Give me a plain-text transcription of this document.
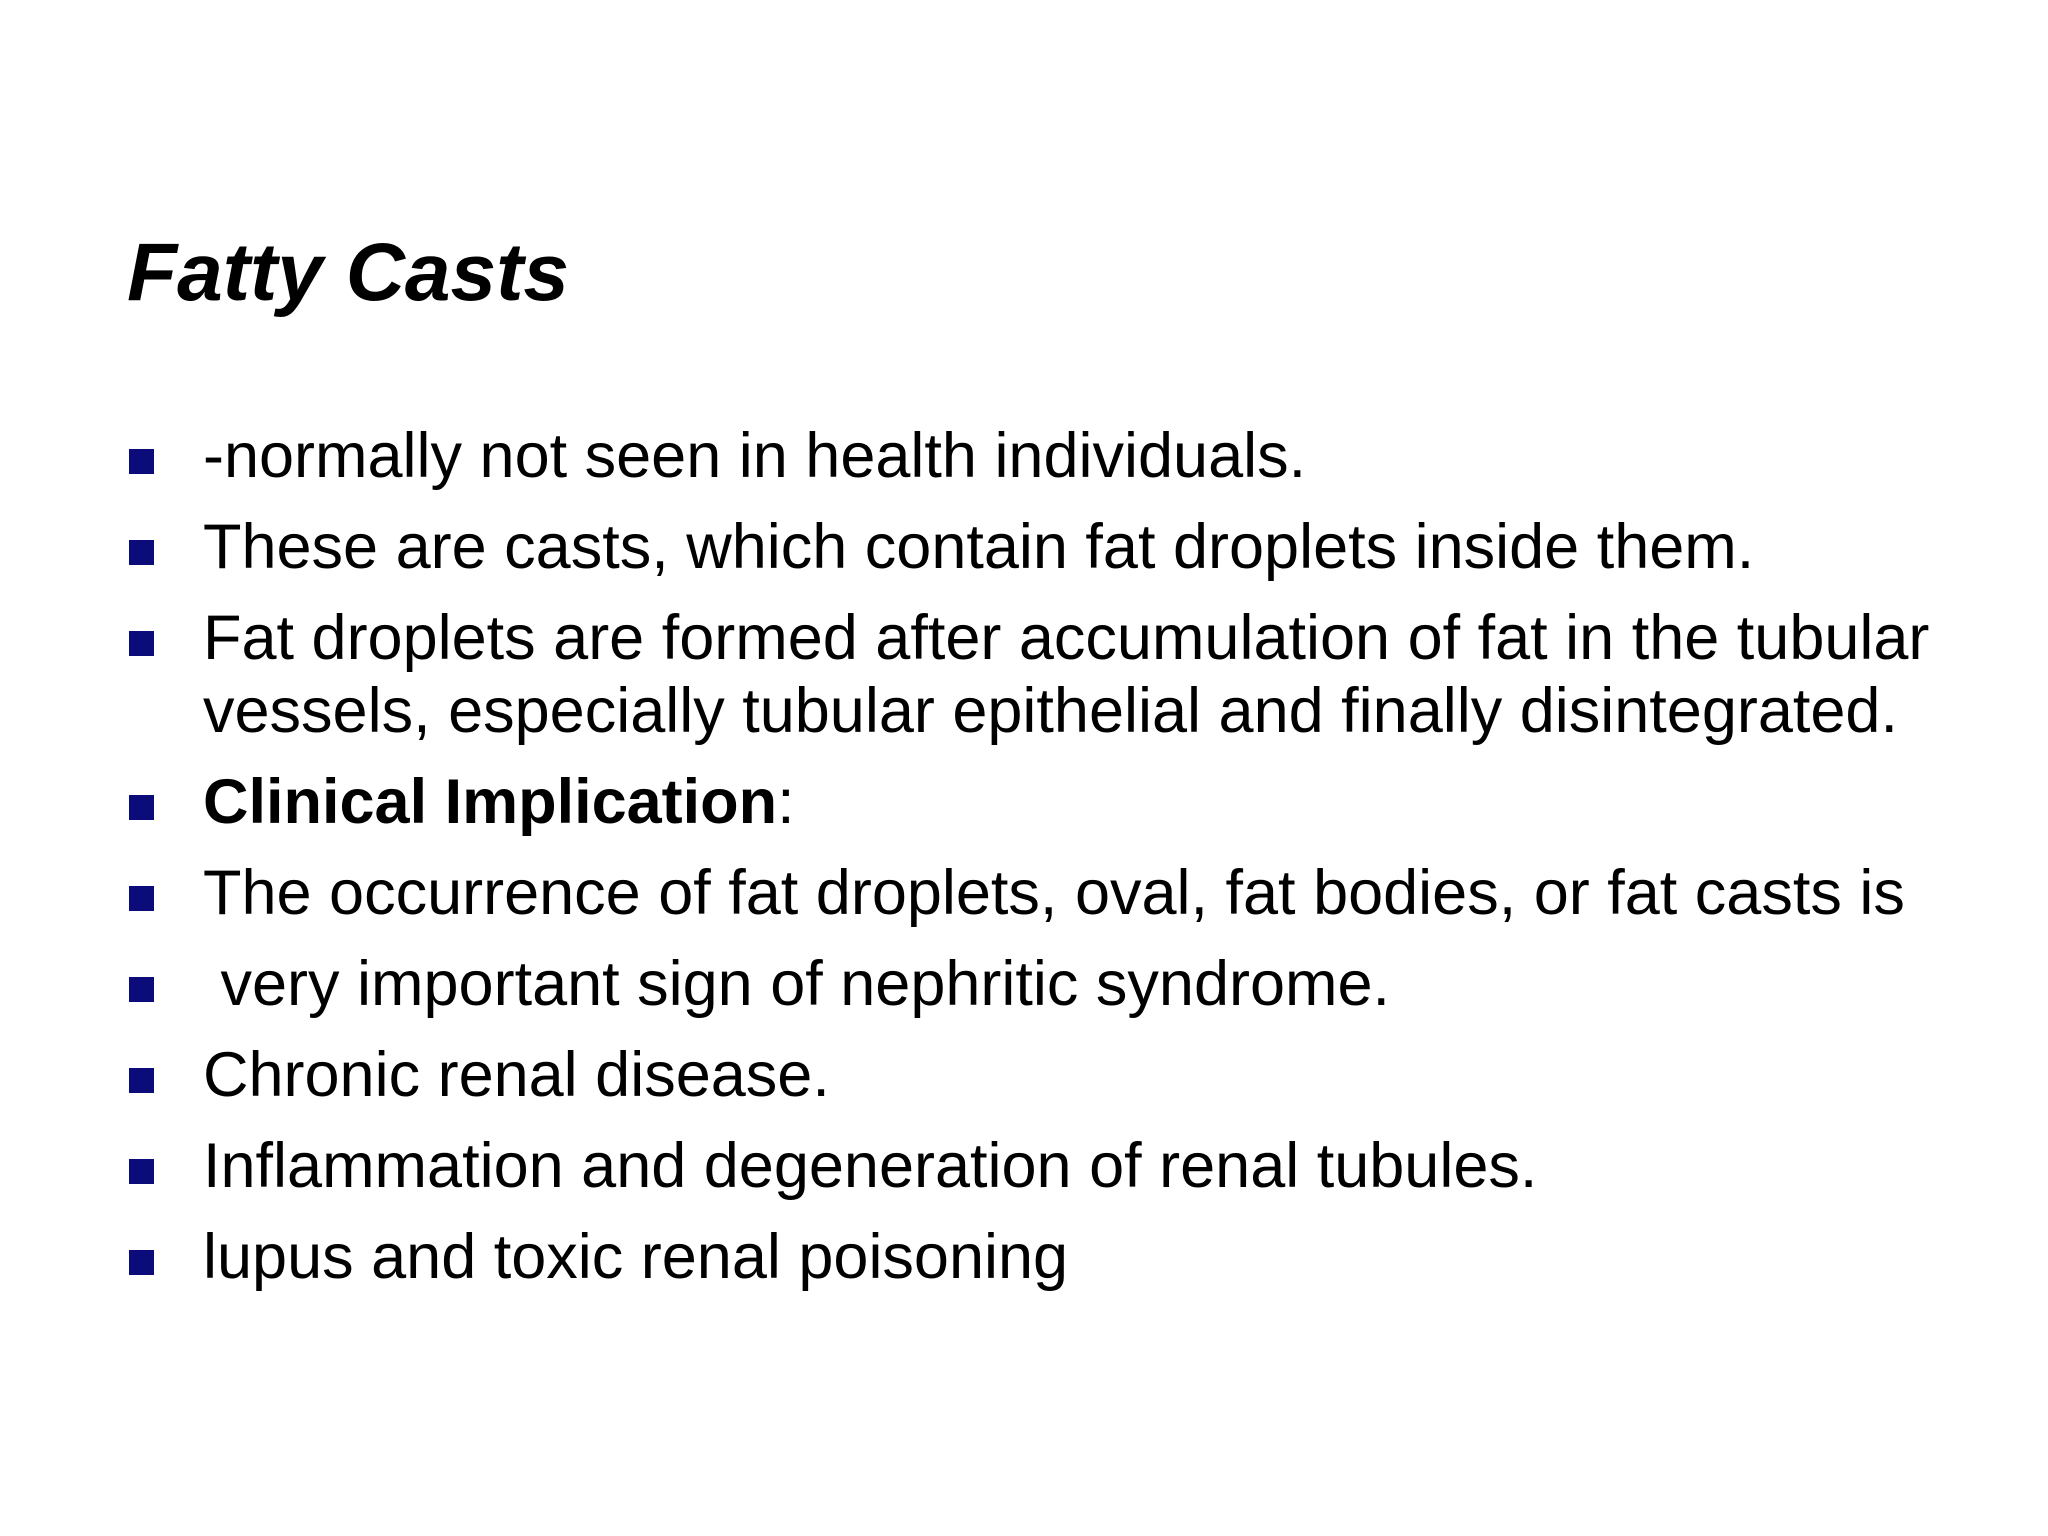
Fatty Casts
-normally not seen in health individuals.
These are casts, which contain fat droplets inside them.
Fat droplets are formed after accumulation of fat in the tubular vessels, especially tubular epithelial and finally disintegrated.
Clinical Implication:
The occurrence of fat droplets, oval, fat bodies, or fat casts is
very important sign of nephritic syndrome.
Chronic renal disease.
Inflammation and degeneration of renal tubules.
lupus and toxic renal poisoning
